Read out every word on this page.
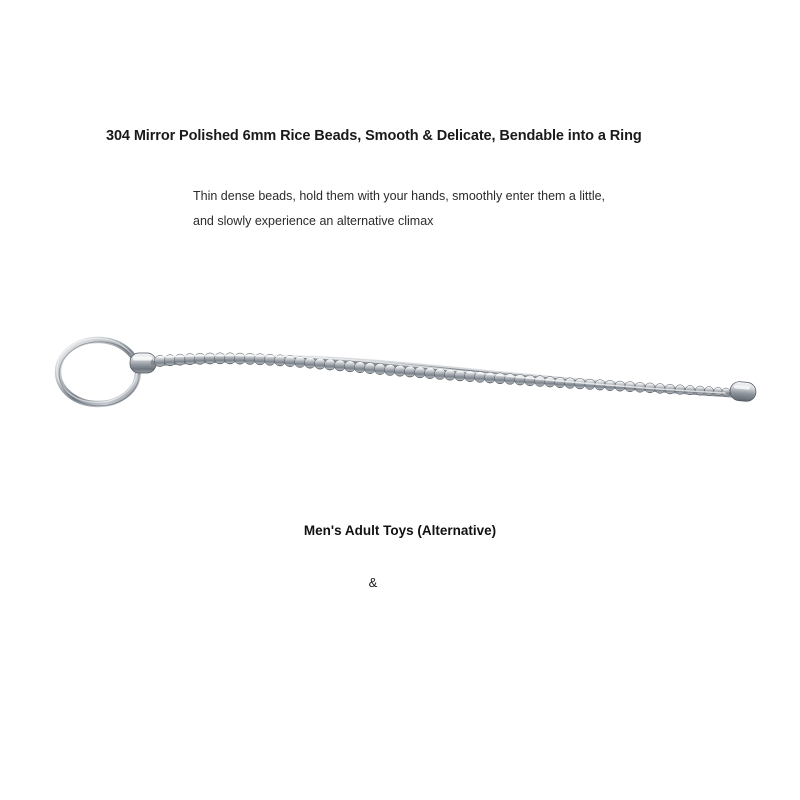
304 Mirror Polished 6mm Rice Beads, Smooth & Delicate, Bendable into a Ring
Thin dense beads, hold them with your hands, smoothly enter them a little, and slowly experience an alternative climax
Men's Adult Toys (Alternative)
&
